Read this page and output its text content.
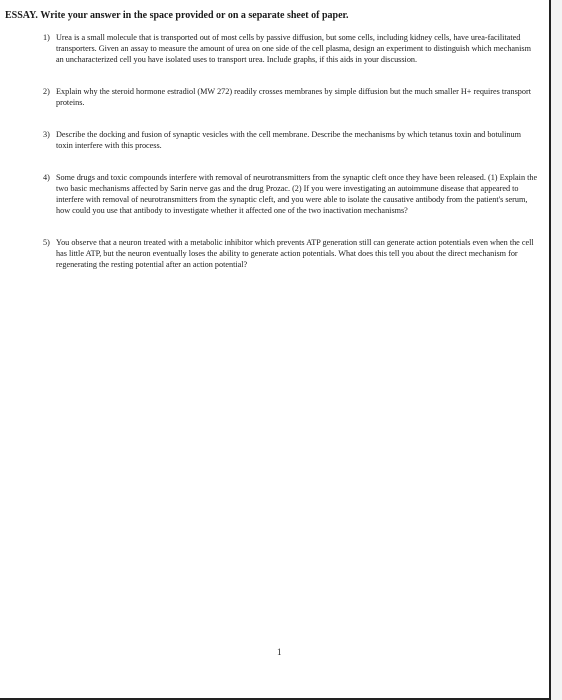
ESSAY. Write your answer in the space provided or on a separate sheet of paper.
1) Urea is a small molecule that is transported out of most cells by passive diffusion, but some cells, including kidney cells, have urea-facilitated transporters. Given an assay to measure the amount of urea on one side of the cell plasma, design an experiment to distinguish which mechanism an uncharacterized cell you have isolated uses to transport urea. Include graphs, if this aids in your discussion.
2) Explain why the steroid hormone estradiol (MW 272) readily crosses membranes by simple diffusion but the much smaller H+ requires transport proteins.
3) Describe the docking and fusion of synaptic vesicles with the cell membrane. Describe the mechanisms by which tetanus toxin and botulinum toxin interfere with this process.
4) Some drugs and toxic compounds interfere with removal of neurotransmitters from the synaptic cleft once they have been released. (1) Explain the two basic mechanisms affected by Sarin nerve gas and the drug Prozac. (2) If you were investigating an autoimmune disease that appeared to interfere with removal of neurotransmitters from the synaptic cleft, and you were able to isolate the causative antibody from the patient's serum, how could you use that antibody to investigate whether it affected one of the two inactivation mechanisms?
5) You observe that a neuron treated with a metabolic inhibitor which prevents ATP generation still can generate action potentials even when the cell has little ATP, but the neuron eventually loses the ability to generate action potentials. What does this tell you about the direct mechanism for regenerating the resting potential after an action potential?
1
